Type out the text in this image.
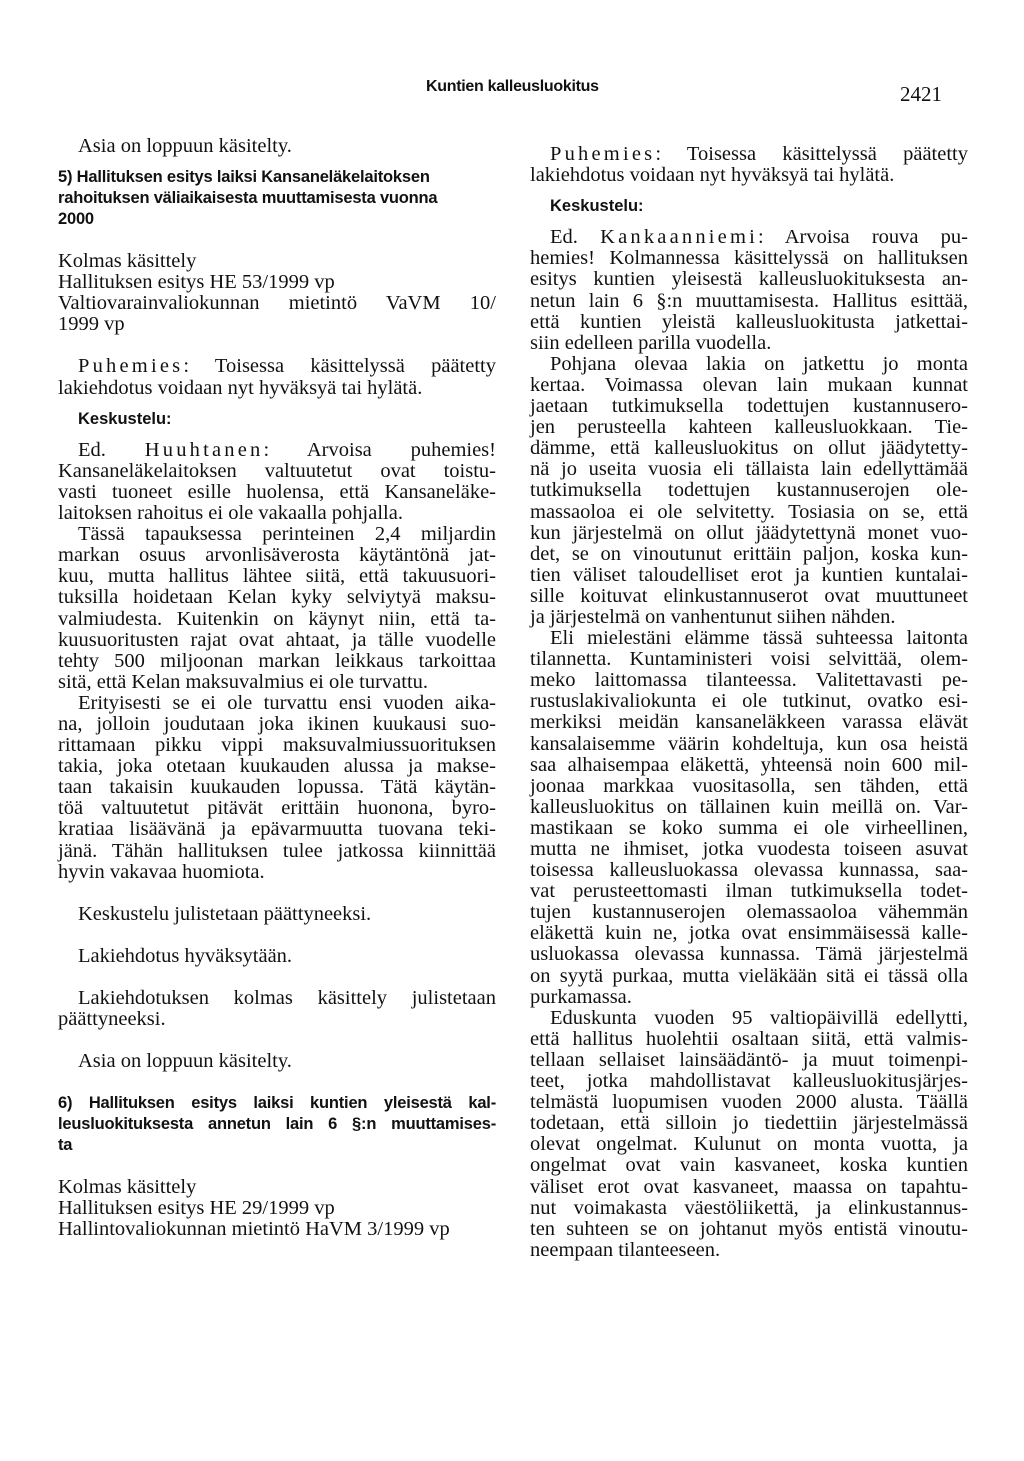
Kuntien kalleusluokitus	2421

Asia on loppuun käsitelty.

5) Hallituksen esitys laiksi Kansaneläkelaitoksen
rahoituksen väliaikaisesta muuttamisesta vuonna
2000
Kolmas käsittely
Hallituksen esitys HE 53/1999 vp
Valtiovarainvaliokunnan mietintö VaVM 10/
1999 vp
Puhemies: Toisessa käsittelyssä päätetty
lakiehdotus voidaan nyt hyväksyä tai hylätä.
Keskustelu:
Ed. Huuhtanen: Arvoisa puhemies!
Kansaneläkelaitoksen valtuutetut ovat toistu-
vasti tuoneet esille huolensa, että Kansaneläke-
laitoksen rahoitus ei ole vakaalla pohjalla.
Tässä tapauksessa perinteinen 2,4 miljardin
markan osuus arvonlisäverosta käytäntönä jat-
kuu, mutta hallitus lähtee siitä, että takuusuori-
tuksilla hoidetaan Kelan kyky selviytyä maksu-
valmiudesta. Kuitenkin on käynyt niin, että ta-
kuusuoritusten rajat ovat ahtaat, ja tälle vuodelle
tehty 500 miljoonan markan leikkaus tarkoittaa
sitä, että Kelan maksuvalmius ei ole turvattu.
Erityisesti se ei ole turvattu ensi vuoden aika-
na, jolloin joudutaan joka ikinen kuukausi suo-
rittamaan pikku vippi maksuvalmiussuorituksen
takia, joka otetaan kuukauden alussa ja makse-
taan takaisin kuukauden lopussa. Tätä käytän-
töä valtuutetut pitävät erittäin huonona, byro-
kratiaa lisäävänä ja epävarmuutta tuovana teki-
jänä. Tähän hallituksen tulee jatkossa kiinnittää
hyvin vakavaa huomiota.

Keskustelu julistetaan päättyneeksi.

Lakiehdotus hyväksytään.

Lakiehdotuksen kolmas käsittely julistetaan
päättyneeksi.

Asia on loppuun käsitelty.

6) Hallituksen esitys laiksi kuntien yleisestä kal-
leusluokituksesta annetun lain 6 §:n muuttamises-
ta
Kolmas käsittely
Hallituksen esitys HE 29/1999 vp
Hallintovaliokunnan mietintö HaVM 3/1999 vp
Puhemies: Toisessa käsittelyssä päätetty
lakiehdotus voidaan nyt hyväksyä tai hylätä.
Keskustelu:
Ed. Kankaanniemi: Arvoisa rouva pu-
hemies! Kolmannessa käsittelyssä on hallituksen
esitys kuntien yleisestä kalleusluokituksesta an-
netun lain 6 §:n muuttamisesta. Hallitus esittää,
että kuntien yleistä kalleusluokitusta jatkettai-
siin edelleen parilla vuodella.
Pohjana olevaa lakia on jatkettu jo monta
kertaa. Voimassa olevan lain mukaan kunnat
jaetaan tutkimuksella todettujen kustannusero-
jen perusteella kahteen kalleusluokkaan. Tie-
dämme, että kalleusluokitus on ollut jäädytetty-
nä jo useita vuosia eli tällaista lain edellyttämää
tutkimuksella todettujen kustannuserojen ole-
massaoloa ei ole selvitetty. Tosiasia on se, että
kun järjestelmä on ollut jäädytettynä monet vuo-
det, se on vinoutunut erittäin paljon, koska kun-
tien väliset taloudelliset erot ja kuntien kuntalai-
sille koituvat elinkustannuserot ovat muuttuneet
ja järjestelmä on vanhentunut siihen nähden.
Eli mielestäni elämme tässä suhteessa laitonta
tilannetta. Kuntaministeri voisi selvittää, olem-
meko laittomassa tilanteessa. Valitettavasti pe-
rustuslakivaliokunta ei ole tutkinut, ovatko esi-
merkiksi meidän kansaneläkkeen varassa elävät
kansalaisemme väärin kohdeltuja, kun osa heistä
saa alhaisempaa eläkettä, yhteensä noin 600 mil-
joonaa markkaa vuositasolla, sen tähden, että
kalleusluokitus on tällainen kuin meillä on. Var-
mastikaan se koko summa ei ole virheellinen,
mutta ne ihmiset, jotka vuodesta toiseen asuvat
toisessa kalleusluokassa olevassa kunnassa, saa-
vat perusteettomasti ilman tutkimuksella todet-
tujen kustannuserojen olemassaoloa vähemmän
eläkettä kuin ne, jotka ovat ensimmäisessä kalle-
usluokassa olevassa kunnassa. Tämä järjestelmä
on syytä purkaa, mutta vieläkään sitä ei tässä olla
purkamassa.
Eduskunta vuoden 95 valtiopäivillä edellytti,
että hallitus huolehtii osaltaan siitä, että valmis-
tellaan sellaiset lainsäädäntö- ja muut toimenpi-
teet, jotka mahdollistavat kalleusluokitusjärjes-
telmästä luopumisen vuoden 2000 alusta. Täällä
todetaan, että silloin jo tiedettiin järjestelmässä
olevat ongelmat. Kulunut on monta vuotta, ja
ongelmat ovat vain kasvaneet, koska kuntien
väliset erot ovat kasvaneet, maassa on tapahtu-
nut voimakasta väestöliikettä, ja elinkustannus-
ten suhteen se on johtanut myös entistä vinoutu-
neempaan tilanteeseen.
